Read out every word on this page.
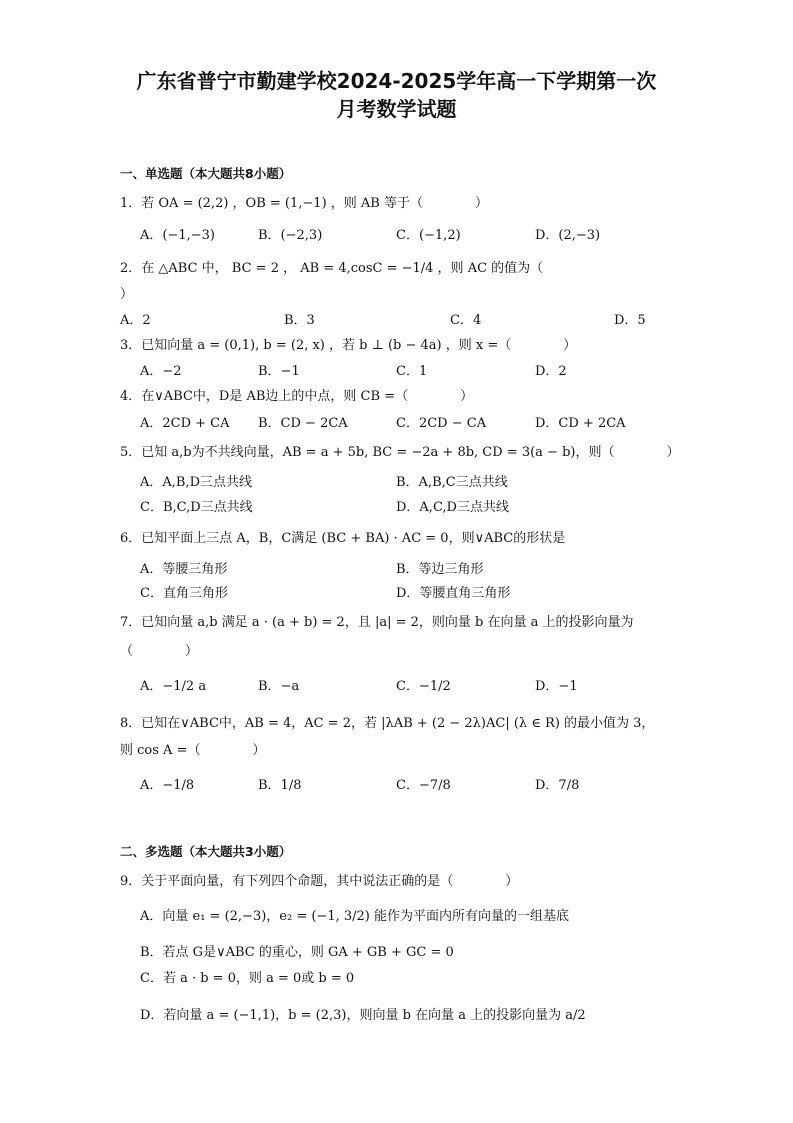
广东省普宁市勤建学校2024-2025学年高一下学期第一次
月考数学试题
一、单选题（本大题共8小题）
1．若 OA = (2,2) ，OB = (1,−1) ，则 AB 等于（　　　　）
A．(−1,−3)	B．(−2,3)	C．(−1,2)	D．(2,−3)
2．在 △ABC 中， BC = 2 ， AB = 4,cosC = −1/4 ，则 AC 的值为（
）
A．2	B．3	C．4	D．5
3．已知向量 a = (0,1), b = (2, x) ，若 b ⊥ (b − 4a) ，则 x =（　　　　）
A．−2	B．−1	C．1	D．2
4．在∨ABC中，D是 AB边上的中点，则 CB =（　　　　）
A．2CD + CA B．CD − 2CA	C．2CD − CA	D．CD + 2CA
5．已知 a,b为不共线向量，AB = a + 5b, BC = −2a + 8b, CD = 3(a − b)，则（　　　　）
A．A,B,D三点共线	B．A,B,C三点共线
C．B,C,D三点共线	D．A,C,D三点共线
6．已知平面上三点 A，B，C满足 (BC + BA) · AC = 0，则∨ABC的形状是
A．等腰三角形	B．等边三角形
C．直角三角形	D．等腰直角三角形
7．已知向量 a,b 满足 a · (a + b) = 2，且 |a| = 2，则向量 b 在向量 a 上的投影向量为
（　　　　）
A．−1/2 a	B．−a	C．−1/2	D．−1
8．已知在∨ABC中，AB = 4，AC = 2，若 |λAB + (2 − 2λ)AC| (λ ∈ R) 的最小值为 3，
则 cos A =（　　　　）
A．−1/8	B．1/8	C．−7/8	D．7/8
二、多选题（本大题共3小题）
9．关于平面向量，有下列四个命题，其中说法正确的是（　　　　）
A．向量 e₁ = (2,−3)，e₂ = (−1, 3/2) 能作为平面内所有向量的一组基底
B．若点 G是∨ABC 的重心，则 GA + GB + GC = 0
C．若 a · b = 0，则 a = 0或 b = 0
D．若向量 a = (−1,1)，b = (2,3)，则向量 b 在向量 a 上的投影向量为 a/2
